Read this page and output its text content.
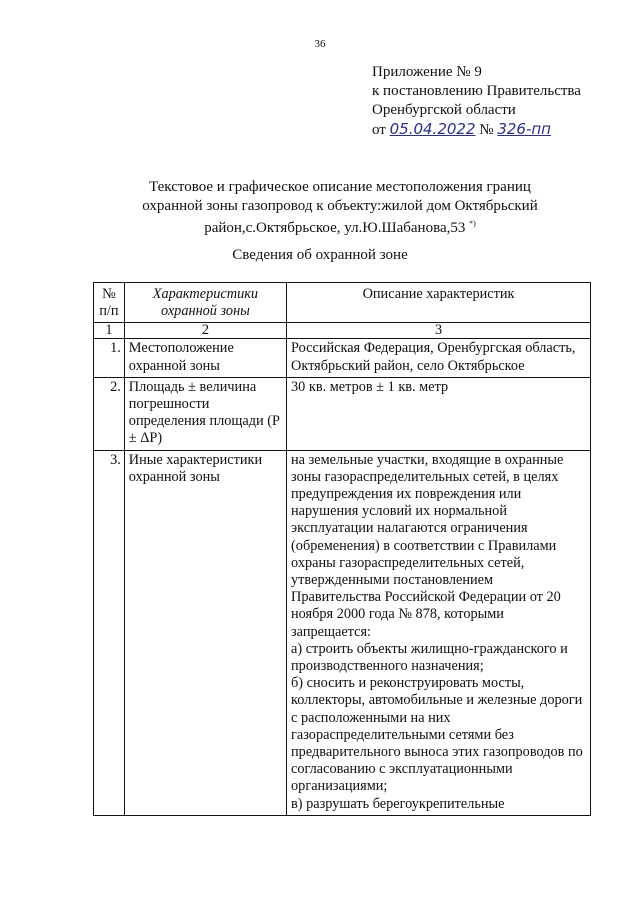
36
Приложение № 9
к постановлению Правительства
Оренбургской области
от 05.04.2022 № 326-пп
Текстовое и графическое описание местоположения границ
охранной зоны газопровод к объекту:жилой дом Октябрьский
район,с.Октябрьское, ул.Ю.Шабанова,53 *)
Сведения об охранной зоне
№ п/п	Характеристики охранной зоны	Описание характеристик
1	2	3
1.	Местоположение охранной зоны	Российская Федерация, Оренбургская область, Октябрьский район, село Октябрьское
2.	Площадь ± величина погрешности определения площади (P ± ΔP)	30 кв. метров ± 1 кв. метр
3.	Иные характеристики охранной зоны	на земельные участки, входящие в охранные зоны газораспределительных сетей, в целях предупреждения их повреждения или нарушения условий их нормальной эксплуатации налагаются ограничения (обременения) в соответствии с Правилами охраны газораспределительных сетей, утвержденными постановлением Правительства Российской Федерации от 20 ноября 2000 года № 878, которыми запрещается:
а) строить объекты жилищно-гражданского и производственного назначения;
б) сносить и реконструировать мосты, коллекторы, автомобильные и железные дороги с расположенными на них газораспределительными сетями без предварительного выноса этих газопроводов по согласованию с эксплуатационными организациями;
в) разрушать берегоукрепительные
